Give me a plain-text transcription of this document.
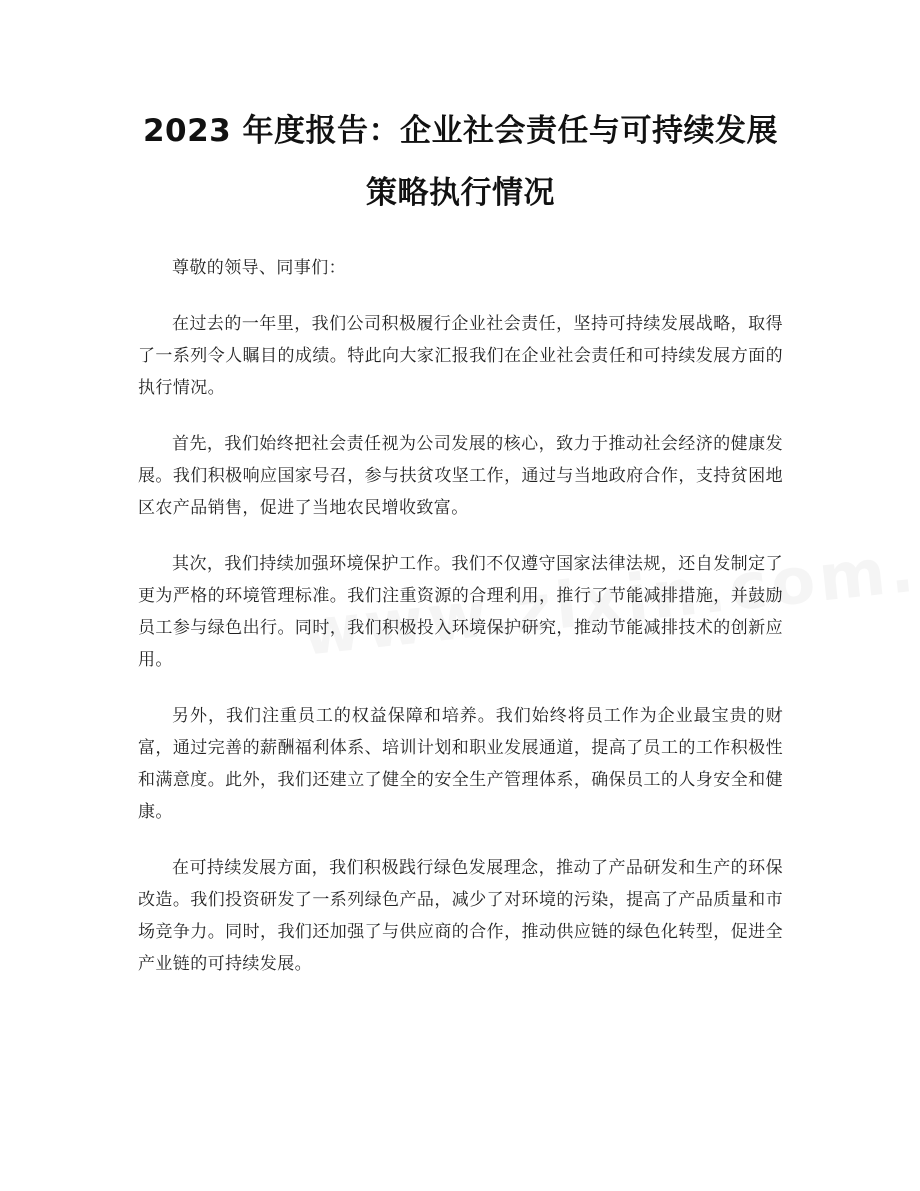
2023 年度报告：企业社会责任与可持续发展
策略执行情况

尊敬的领导、同事们：

在过去的一年里，我们公司积极履行企业社会责任，坚持可持续发展战略，取得了一系列令人瞩目的成绩。特此向大家汇报我们在企业社会责任和可持续发展方面的执行情况。

首先，我们始终把社会责任视为公司发展的核心，致力于推动社会经济的健康发展。我们积极响应国家号召，参与扶贫攻坚工作，通过与当地政府合作，支持贫困地区农产品销售，促进了当地农民增收致富。

其次，我们持续加强环境保护工作。我们不仅遵守国家法律法规，还自发制定了更为严格的环境管理标准。我们注重资源的合理利用，推行了节能减排措施，并鼓励员工参与绿色出行。同时，我们积极投入环境保护研究，推动节能减排技术的创新应用。

另外，我们注重员工的权益保障和培养。我们始终将员工作为企业最宝贵的财富，通过完善的薪酬福利体系、培训计划和职业发展通道，提高了员工的工作积极性和满意度。此外，我们还建立了健全的安全生产管理体系，确保员工的人身安全和健康。

在可持续发展方面，我们积极践行绿色发展理念，推动了产品研发和生产的环保改造。我们投资研发了一系列绿色产品，减少了对环境的污染，提高了产品质量和市场竞争力。同时，我们还加强了与供应商的合作，推动供应链的绿色化转型，促进全产业链的可持续发展。
